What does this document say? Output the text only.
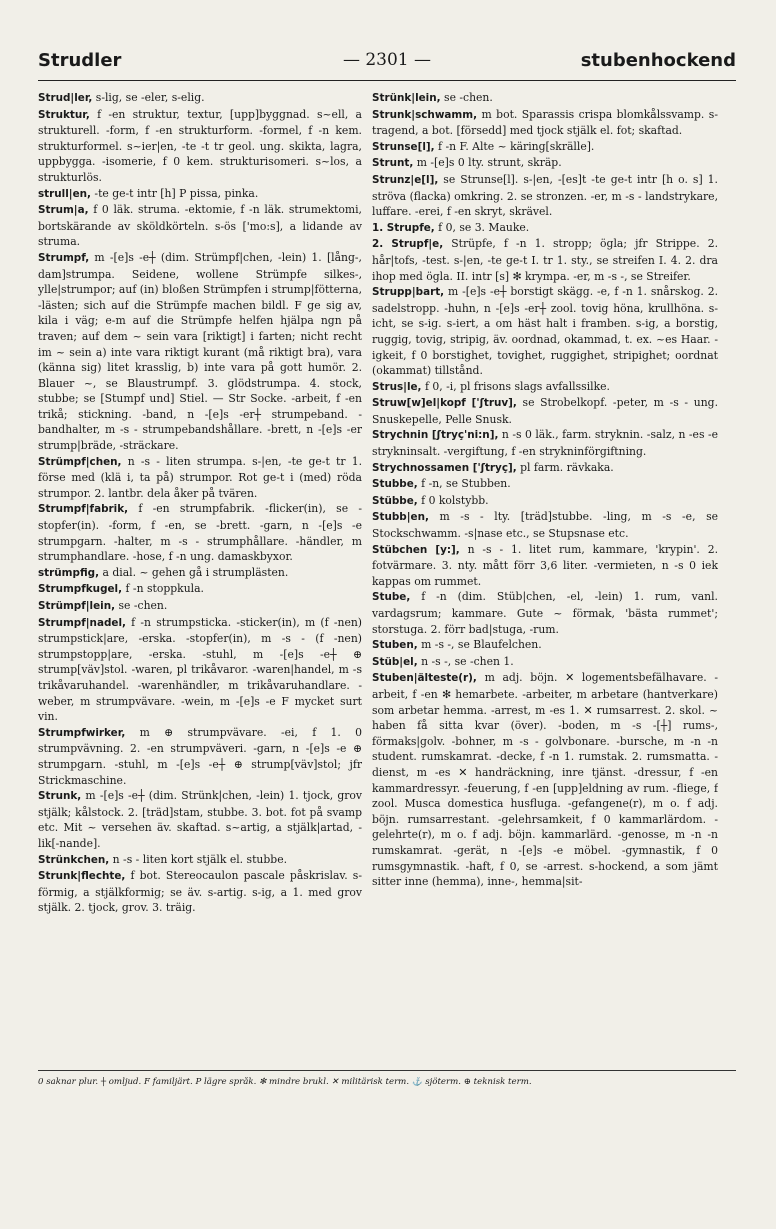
Strudler	— 2301 —	stubenhockend

Strud|ler, s-lig, se -eler, s-elig.

Struktur, f -en struktur, textur, [upp]byggnad. s~ell, a strukturell. -form, f -en strukturform. -formel, f -n kem. strukturformel. s~ier|en, -te -t tr geol. ung. skikta, lagra, uppbygga. -isomerie, f 0 kem. strukturisomeri. s~los, a strukturlös.

strull|en, -te ge-t intr [h] P pissa, pinka.

Strum|a, f 0 läk. struma. -ektomie, f -n läk. strumektomi, bortskärande av sköldkörteln. s-ös ['mo:s], a lidande av struma.

Strumpf, m -[e]s -e┼ (dim. Strümpf|chen, -lein) 1. [lång-, dam]strumpa. Seidene, wollene Strümpfe silkes-, ylle|strumpor; auf (in) bloßen Strümpfen i strump|fötterna, -lästen; sich auf die Strümpfe machen bildl. F ge sig av, kila i väg; e-m auf die Strümpfe helfen hjälpa ngn på traven; auf dem ~ sein vara [riktigt] i farten; nicht recht im ~ sein a) inte vara riktigt kurant (må riktigt bra), vara (känna sig) litet krasslig, b) inte vara på gott humör. 2. Blauer ~, se Blaustrumpf. 3. glödstrumpa. 4. stock, stubbe; se [Stumpf und] Stiel. — Str Socke. -arbeit, f -en trikå; stickning. -band, n -[e]s -er┼ strumpeband. -bandhalter, m -s - strumpebandshållare. -brett, n -[e]s -er strump|bräde, -sträckare.

Strümpf|chen, n -s - liten strumpa. s-|en, -te ge-t tr 1. förse med (klä i, ta på) strumpor. Rot ge-t i (med) röda strumpor. 2. lantbr. dela åker på tvären.

Strumpf|fabrik, f -en strumpfabrik. -flicker(in), se -stopfer(in). -form, f -en, se -brett. -garn, n -[e]s -e strumpgarn. -halter, m -s - strumphållare. -händler, m strumphandlare. -hose, f -n ung. damaskbyxor.

strümpfig, a dial. ~ gehen gå i strumplästen.

Strumpfkugel, f -n stoppkula.

Strümpf|lein, se -chen.

Strumpf|nadel, f -n strumpsticka. -sticker(in), m (f -nen) strumpstick|are, -erska. -stopfer(in), m -s - (f -nen) strumpstopp|are, -erska. -stuhl, m -[e]s -e┼ ⊕ strump[väv]stol. -waren, pl trikåvaror. -waren|handel, m -s trikåvaruhandel. -warenhändler, m trikåvaruhandlare. -weber, m strumpvävare. -wein, m -[e]s -e F mycket surt vin.

Strumpfwirker, m ⊕ strumpvävare. -ei, f 1. 0 strumpvävning. 2. -en strumpväveri. -garn, n -[e]s -e ⊕ strumpgarn. -stuhl, m -[e]s -e┼ ⊕ strump[väv]stol; jfr Strickmaschine.

Strunk, m -[e]s -e┼ (dim. Strünk|chen, -lein) 1. tjock, grov stjälk; kålstock. 2. [träd]stam, stubbe. 3. bot. fot på svamp etc. Mit ~ versehen äv. skaftad. s~artig, a stjälk|artad, -lik[-nande].

Strünkchen, n -s - liten kort stjälk el. stubbe.

Strunk|flechte, f bot. Stereocaulon pascale påskrislav. s-förmig, a stjälkformig; se äv. s-artig. s-ig, a 1. med grov stjälk. 2. tjock, grov. 3. träig.

Strünk|lein, se -chen.

Strunk|schwamm, m bot. Sparassis crispa blomkålssvamp. s-tragend, a bot. [försedd] med tjock stjälk el. fot; skaftad.

Strunse[l], f -n F. Alte ~ käring[skrälle].

Strunt, m -[e]s 0 lty. strunt, skräp.

Strunz|e[l], se Strunse[l]. s-|en, -[es]t -te ge-t intr [h o. s] 1. ströva (flacka) omkring. 2. se stronzen. -er, m -s - landstrykare, luffare. -erei, f -en skryt, skrävel.

1. Strupfe, f 0, se 3. Mauke.

2. Strupf|e, Strüpfe, f -n 1. stropp; ögla; jfr Strippe. 2. hår|tofs, -test. s-|en, -te ge-t I. tr 1. sty., se streifen I. 4. 2. dra ihop med ögla. II. intr [s] ✻ krympa. -er, m -s -, se Streifer.

Strupp|bart, m -[e]s -e┼ borstigt skägg. -e, f -n 1. snårskog. 2. sadelstropp. -huhn, n -[e]s -er┼ zool. tovig höna, krullhöna. s-icht, se s-ig. s-iert, a om häst halt i framben. s-ig, a borstig, ruggig, tovig, stripig, äv. oordnad, okammad, t. ex. ~es Haar. -igkeit, f 0 borstighet, tovighet, ruggighet, stripighet; oordnat (okammat) tillstånd.

Strus|le, f 0, -i, pl frisons slags avfallssilke.

Struw[w]el|kopf ['ʃtruv], se Strobelkopf. -peter, m -s - ung. Snuskepelle, Pelle Snusk.

Strychnin [ʃtryç'ni:n], n -s 0 läk., farm. stryknin. -salz, n -es -e strykninsalt. -vergiftung, f -en strykninförgiftning.

Strychnossamen ['ʃtryç], pl farm. rävkaka.

Stubbe, f -n, se Stubben.

Stübbe, f 0 kolstybb.

Stubb|en, m -s - lty. [träd]stubbe. -ling, m -s -e, se Stockschwamm. -s|nase etc., se Stupsnase etc.

Stübchen [y:], n -s - 1. litet rum, kammare, 'krypin'. 2. fotvärmare. 3. nty. mått förr 3,6 liter. -vermieten, n -s 0 iek kappas om rummet.

Stube, f -n (dim. Stüb|chen, -el, -lein) 1. rum, vanl. vardagsrum; kammare. Gute ~ förmak, 'bästa rummet'; storstuga. 2. förr bad|stuga, -rum.

Stuben, m -s -, se Blaufelchen.

Stüb|el, n -s -, se -chen 1.

Stuben|älteste(r), m adj. böjn. ✕ logementsbefälhavare. -arbeit, f -en ✻ hemarbete. -arbeiter, m arbetare (hantverkare) som arbetar hemma. -arrest, m -es 1. ✕ rumsarrest. 2. skol. ~ haben få sitta kvar (över). -boden, m -s -[┼] rums-, förmaks|golv. -bohner, m -s - golvbonare. -bursche, m -n -n student. rumskamrat. -decke, f -n 1. rumstak. 2. rumsmatta. -dienst, m -es ✕ handräckning, inre tjänst. -dressur, f -en kammardressyr. -feuerung, f -en [upp]eldning av rum. -fliege, f zool. Musca domestica husfluga. -gefangene(r), m o. f adj. böjn. rumsarrestant. -gelehrsamkeit, f 0 kammarlärdom. -gelehrte(r), m o. f adj. böjn. kammarlärd. -genosse, m -n -n rumskamrat. -gerät, n -[e]s -e möbel. -gymnastik, f 0 rumsgymnastik. -haft, f 0, se -arrest. s-hockend, a som jämt sitter inne (hemma), inne-, hemma|sit-

0 saknar plur. ┼ omljud. F familjärt. P lägre språk. ✻ mindre brukl. ✕ militärisk term. ⚓ sjöterm. ⊕ teknisk term.
